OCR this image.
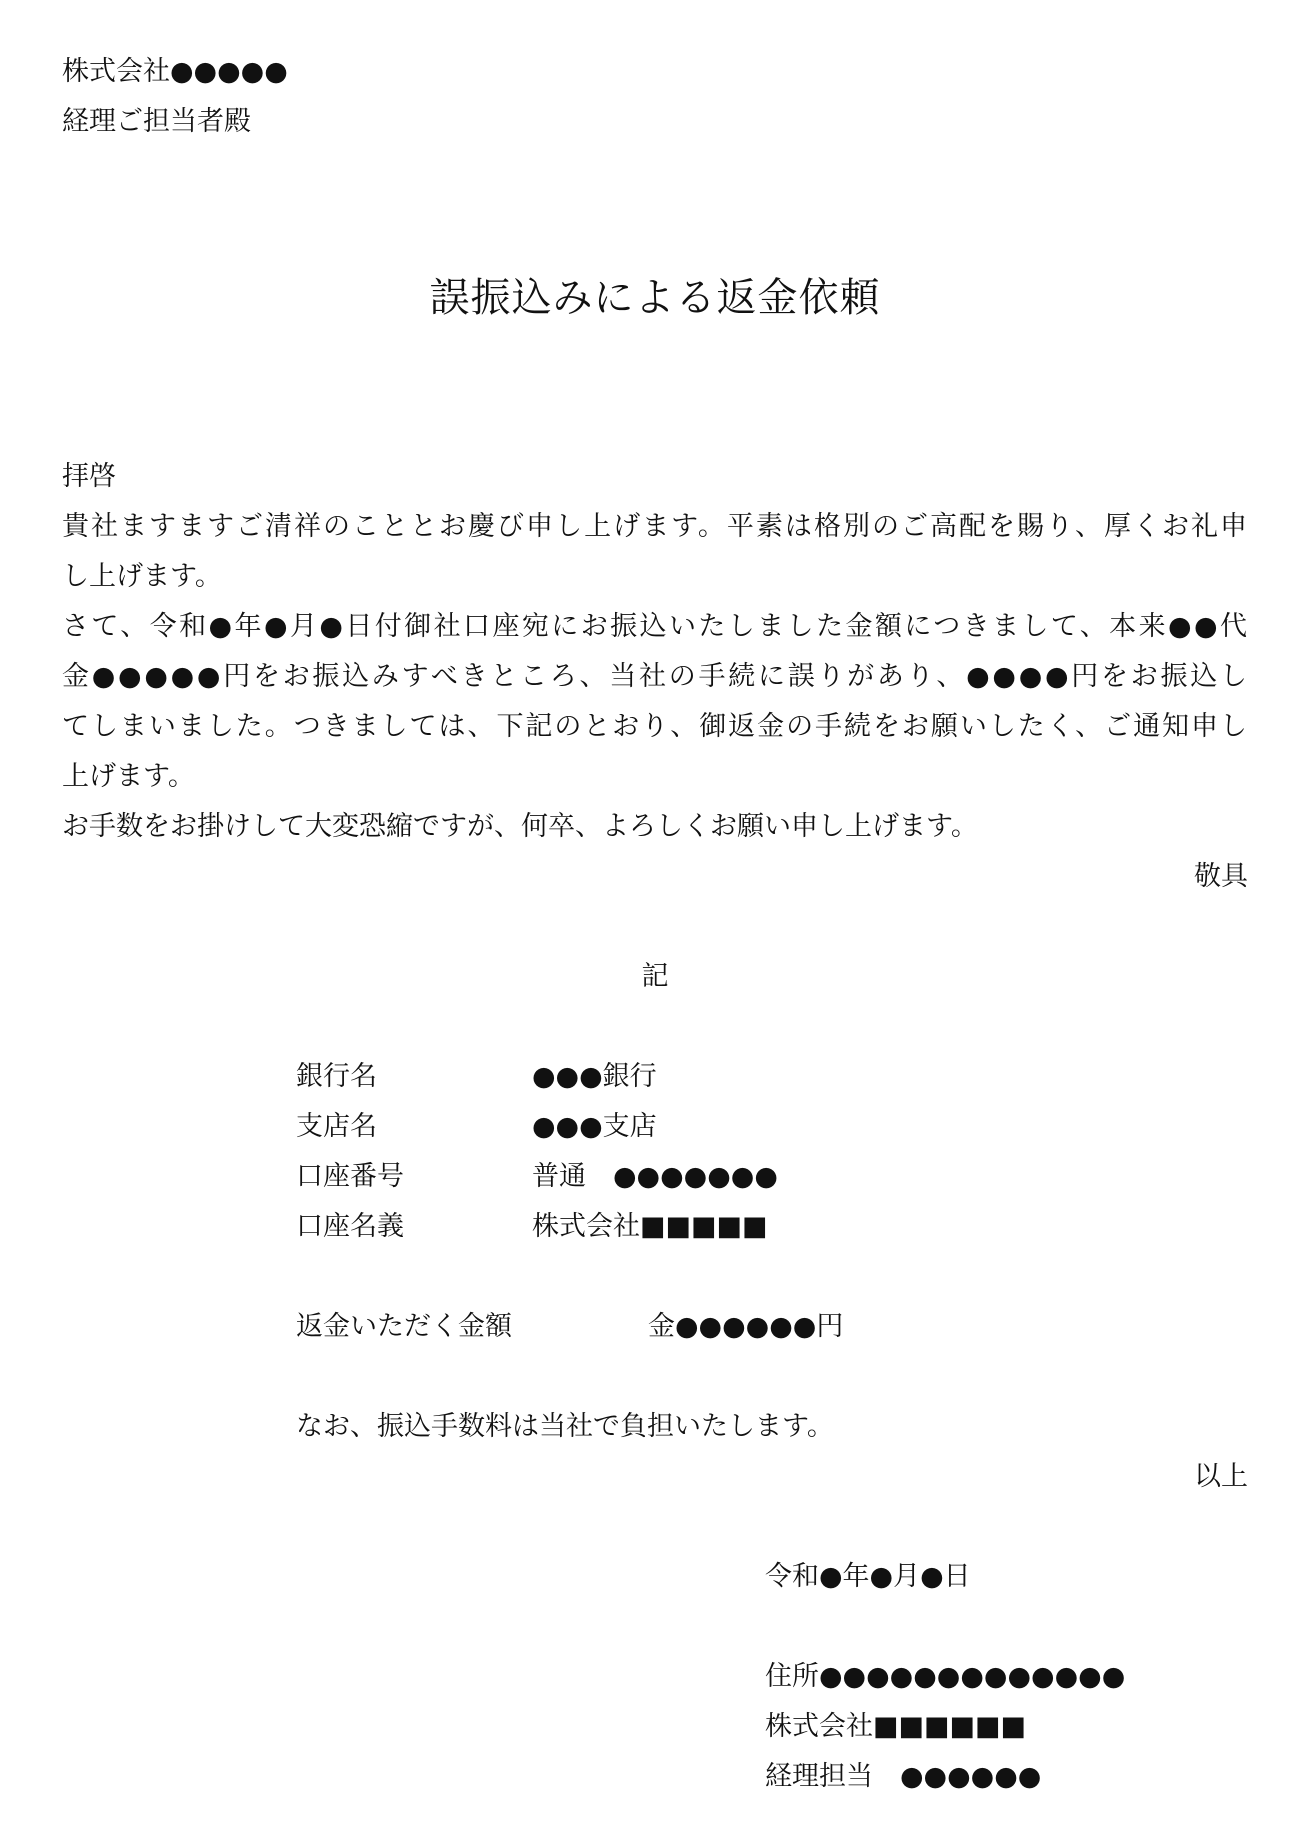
株式会社●●●●●
経理ご担当者殿
誤振込みによる返金依頼
拝啓
貴社ますますご清祥のこととお慶び申し上げます。平素は格別のご高配を賜り、厚くお礼申
し上げます。
さて、令和●年●月●日付御社口座宛にお振込いたしました金額につきまして、本来●●代
金●●●●●円をお振込みすべきところ、当社の手続に誤りがあり、●●●●円をお振込し
てしまいました。つきましては、下記のとおり、御返金の手続をお願いしたく、ご通知申し
上げます。
お手数をお掛けして大変恐縮ですが、何卒、よろしくお願い申し上げます。
敬具
記
銀行名	●●●銀行
支店名	●●●支店
口座番号	普通　●●●●●●●
口座名義	株式会社■■■■■
返金いただく金額	金●●●●●●円
なお、振込手数料は当社で負担いたします。
以上
令和●年●月●日
住所●●●●●●●●●●●●●
株式会社■■■■■■
経理担当　●●●●●●
